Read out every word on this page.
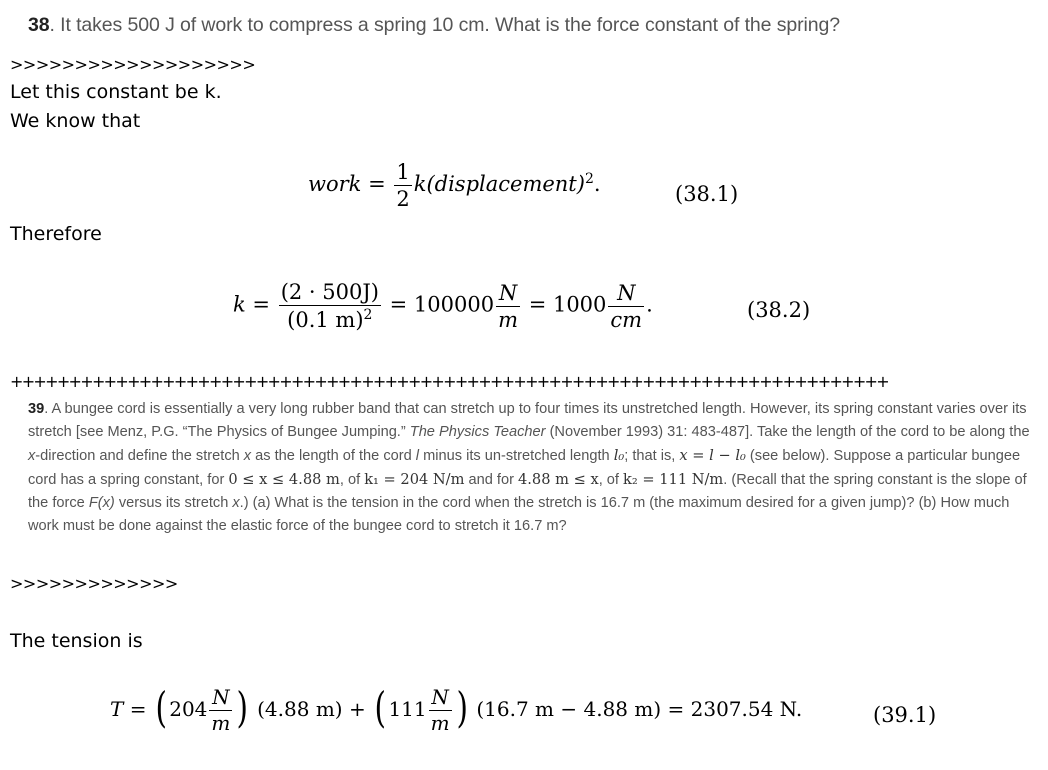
38. It takes 500 J of work to compress a spring 10 cm. What is the force constant of the spring?
>>>>>>>>>>>>>>>>>>>
Let this constant be k.
We know that
work = $\frac{1}{2}$ k(displacement)$^2$.	(38.1)
Therefore
$k = \frac{(2 \cdot 500J)}{(0.1 m)^2} = 100000 \frac{N}{m} = 1000 \frac{N}{cm}$ .	(38.2)
+++++++++++++++++++++++++++++++++++++++++++++++++++++++++++++++++++++++++++
39. A bungee cord is essentially a very long rubber band that can stretch up to four times its unstretched length. However, its spring constant varies over its stretch [see Menz, P.G. “The Physics of Bungee Jumping.” The Physics Teacher (November 1993) 31: 483-487]. Take the length of the cord to be along the x-direction and define the stretch x as the length of the cord l minus its un-stretched length l₀; that is, x = l − l₀ (see below). Suppose a particular bungee cord has a spring constant, for 0 ≤ x ≤ 4.88 m, of k₁ = 204 N/m and for 4.88 m ≤ x, of k₂ = 111 N/m. (Recall that the spring constant is the slope of the force F(x) versus its stretch x.) (a) What is the tension in the cord when the stretch is 16.7 m (the maximum desired for a given jump)? (b) How much work must be done against the elastic force of the bungee cord to stretch it 16.7 m?
>>>>>>>>>>>>>
The tension is
T = ( $204 \frac{N}{m}$ ) (4.88 m) + ( $111 \frac{N}{m}$ ) (16.7 m − 4.88 m) = 2307.54 N.	(39.1)
